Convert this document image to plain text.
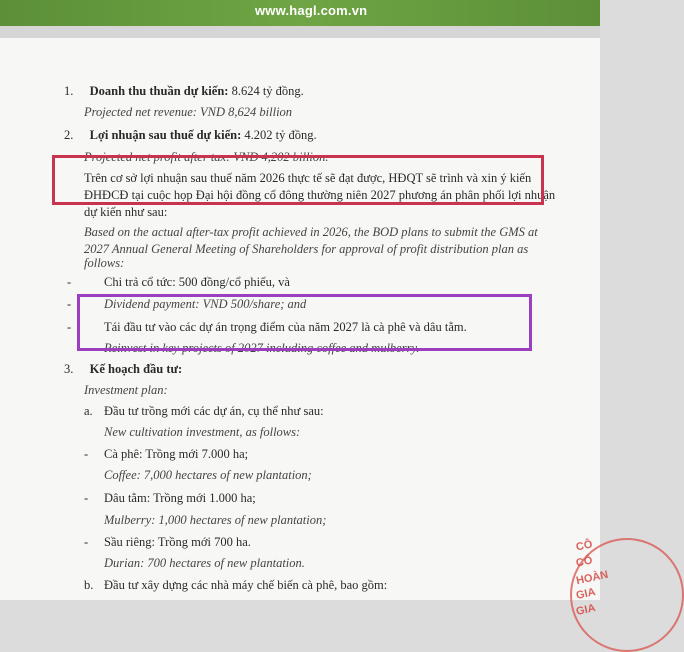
www.hagl.com.vn
1. Doanh thu thuần dự kiến: 8.624 tỷ đồng.
Projected net revenue: VND 8,624 billion
2. Lợi nhuận sau thuế dự kiến: 4.202 tỷ đồng.
Projected net profit after tax: VND 4,202 billion.
Trên cơ sở lợi nhuận sau thuế năm 2026 thực tế sẽ đạt được, HĐQT sẽ trình và xin ý kiến
ĐHĐCĐ tại cuộc họp Đại hội đồng cổ đông thường niên 2027 phương án phân phối lợi nhuận
dự kiến như sau:
Based on the actual after-tax profit achieved in 2026, the BOD plans to submit the GMS at
2027 Annual General Meeting of Shareholders for approval of profit distribution plan as
follows:
-	Chi trả cổ tức: 500 đồng/cổ phiếu, và
-	Dividend payment: VND 500/share; and
-	Tái đầu tư vào các dự án trọng điểm của năm 2027 là cà phê và dâu tằm.
Reinvest in key projects of 2027 including coffee and mulberry.
3. Kế hoạch đầu tư:
Investment plan:
a. Đầu tư trồng mới các dự án, cụ thể như sau:
New cultivation investment, as follows:
- Cà phê: Trồng mới 7.000 ha;
Coffee: 7,000 hectares of new plantation;
- Dâu tằm: Trồng mới 1.000 ha;
Mulberry: 1,000 hectares of new plantation;
- Sầu riêng: Trồng mới 700 ha.
Durian: 700 hectares of new plantation.
b. Đầu tư xây dựng các nhà máy chế biến cà phê, bao gồm:
CÔ
CỔ
HOÀN
GIA
GIA
